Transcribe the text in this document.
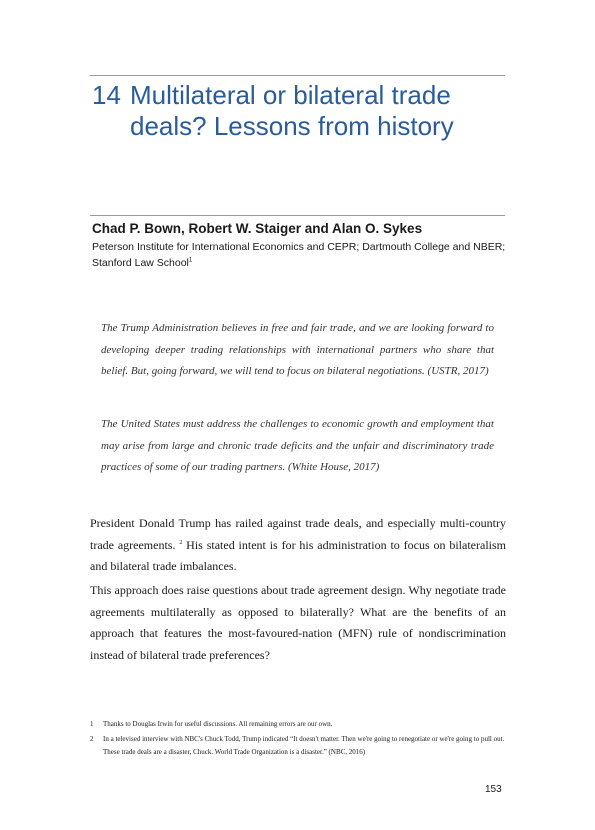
14 Multilateral or bilateral trade
deals? Lessons from history

Chad P. Bown, Robert W. Staiger and Alan O. Sykes

Peterson Institute for International Economics and CEPR; Dartmouth College and NBER; Stanford Law School$^1$

The Trump Administration believes in free and fair trade, and we are looking forward to developing deeper trading relationships with international partners who share that belief. But, going forward, we will tend to focus on bilateral negotiations. (USTR, 2017)

The United States must address the challenges to economic growth and employment that may arise from large and chronic trade deficits and the unfair and discriminatory trade practices of some of our trading partners. (White House, 2017)

President Donald Trump has railed against trade deals, and especially multi-country trade agreements. $^2$ His stated intent is for his administration to focus on bilateralism and bilateral trade imbalances.

This approach does raise questions about trade agreement design. Why negotiate trade agreements multilaterally as opposed to bilaterally? What are the benefits of an approach that features the most-favoured-nation (MFN) rule of nondiscrimination instead of bilateral trade preferences?

1	Thanks to Douglas Irwin for useful discussions. All remaining errors are our own.
2	In a televised interview with NBC's Chuck Todd, Trump indicated “It doesn't matter. Then we're going to renegotiate or we're going to pull out. These trade deals are a disaster, Chuck. World Trade Organization is a disaster.” (NBC, 2016)

153
